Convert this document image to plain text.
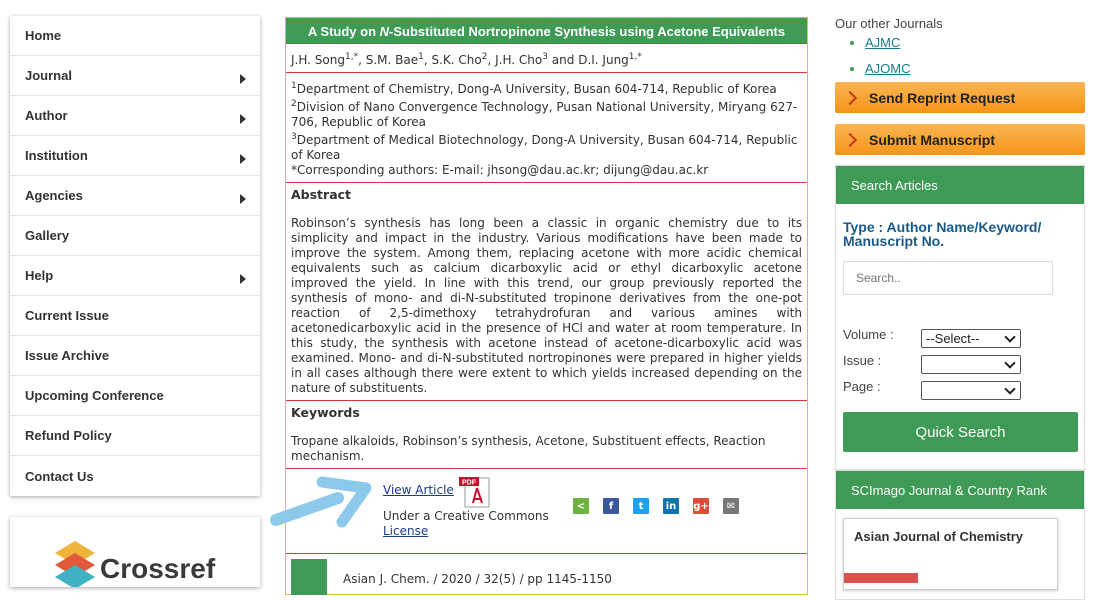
Home
Journal
Author
Institution
Agencies
Gallery
Help
Current Issue
Issue Archive
Upcoming Conference
Refund Policy
Contact Us
Crossref
A Study on N-Substituted Nortropinone Synthesis using Acetone Equivalents
J.H. Song$^{1,*}$, S.M. Bae$^1$, S.K. Cho$^2$, J.H. Cho$^3$ and D.I. Jung$^{1,*}$
$^1$Department of Chemistry, Dong-A University, Busan 604-714, Republic of Korea
$^2$Division of Nano Convergence Technology, Pusan National University, Miryang 627-706, Republic of Korea
$^3$Department of Medical Biotechnology, Dong-A University, Busan 604-714, Republic of Korea
*Corresponding authors: E-mail: jhsong@dau.ac.kr; dijung@dau.ac.kr
Abstract
Robinson’s synthesis has long been a classic in organic chemistry due to its simplicity and impact in the industry. Various modifications have been made to improve the system. Among them, replacing acetone with more acidic chemical equivalents such as calcium dicarboxylic acid or ethyl dicarboxylic acetone improved the yield. In line with this trend, our group previously reported the synthesis of mono- and di-N-substituted tropinone derivatives from the one-pot reaction of 2,5-dimethoxy tetrahydrofuran and various amines with acetonedicarboxylic acid in the presence of HCl and water at room temperature. In this study, the synthesis with acetone instead of acetone-dicarboxylic acid was examined. Mono- and di-N-substituted nortropinones were prepared in higher yields in all cases although there were extent to which yields increased depending on the nature of substituents.
Keywords
Tropane alkaloids, Robinson’s synthesis, Acetone, Substituent effects, Reaction mechanism.
View Article PDF
Under a Creative Commons
License
<	f	t	in g+	✉
Asian J. Chem. / 2020 / 32(5) / pp 1145-1150
Our other Journals
• AJMC
• AJOMC
Send Reprint Request
Submit Manuscript
Search Articles
Type : Author Name/Keyword/ Manuscript No.
Search..
Volume : --Select--
Issue :
Page :
Quick Search
SCImago Journal & Country Rank
Asian Journal of Chemistry
